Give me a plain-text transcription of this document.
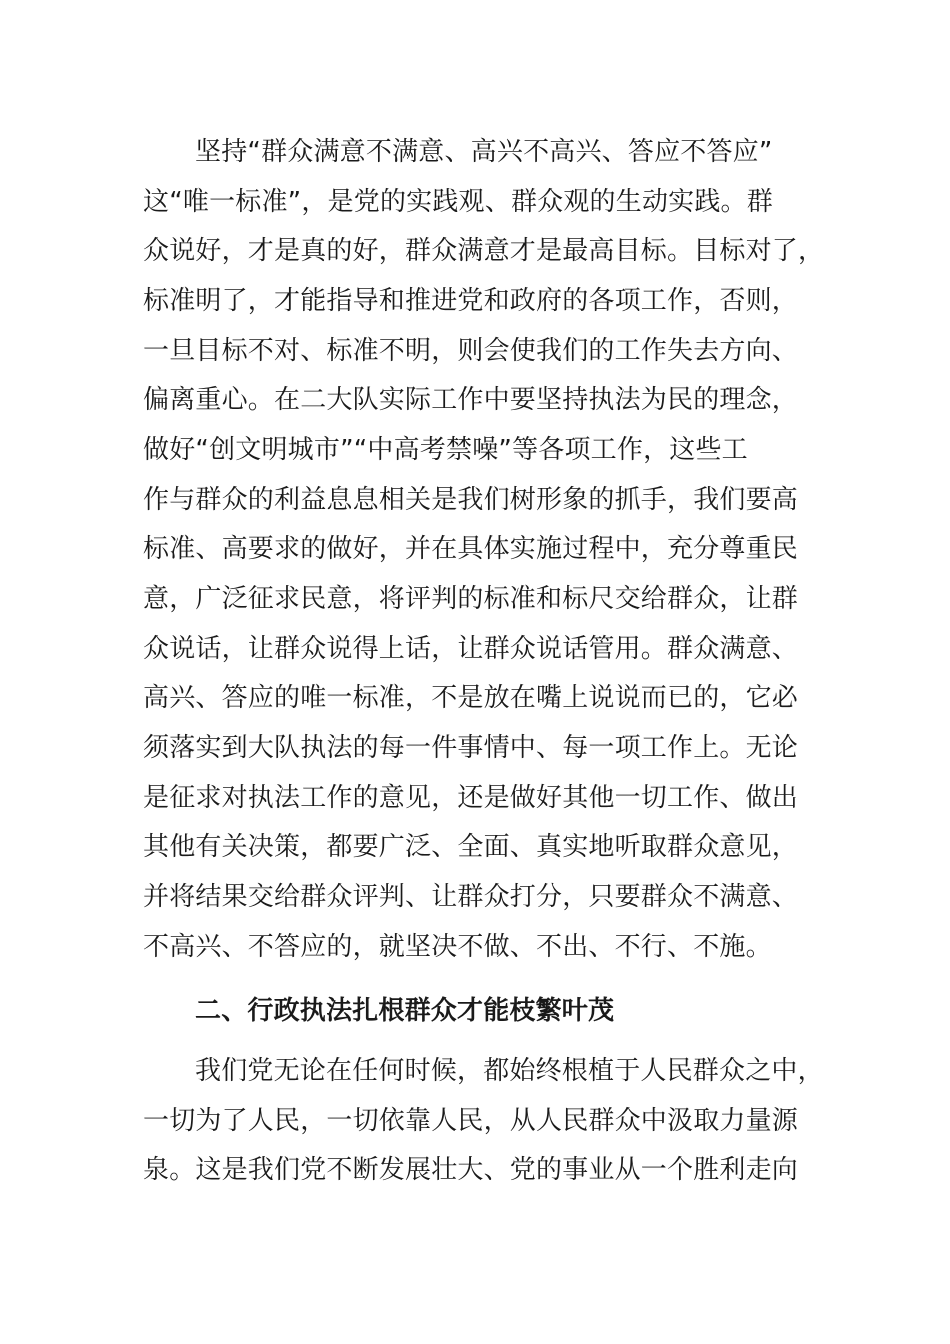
坚持“群众满意不满意、高兴不高兴、答应不答应”
这“唯一标准”，是党的实践观、群众观的生动实践。群
众说好，才是真的好，群众满意才是最高目标。目标对了，
标准明了，才能指导和推进党和政府的各项工作，否则，
一旦目标不对、标准不明，则会使我们的工作失去方向、
偏离重心。在二大队实际工作中要坚持执法为民的理念，
做好“创文明城市”“中高考禁噪”等各项工作，这些工
作与群众的利益息息相关是我们树形象的抓手，我们要高
标准、高要求的做好，并在具体实施过程中，充分尊重民
意，广泛征求民意，将评判的标准和标尺交给群众，让群
众说话，让群众说得上话，让群众说话管用。群众满意、
高兴、答应的唯一标准，不是放在嘴上说说而已的，它必
须落实到大队执法的每一件事情中、每一项工作上。无论
是征求对执法工作的意见，还是做好其他一切工作、做出
其他有关决策，都要广泛、全面、真实地听取群众意见，
并将结果交给群众评判、让群众打分，只要群众不满意、
不高兴、不答应的，就坚决不做、不出、不行、不施。
二、行政执法扎根群众才能枝繁叶茂
我们党无论在任何时候，都始终根植于人民群众之中，
一切为了人民，一切依靠人民，从人民群众中汲取力量源
泉。这是我们党不断发展壮大、党的事业从一个胜利走向
